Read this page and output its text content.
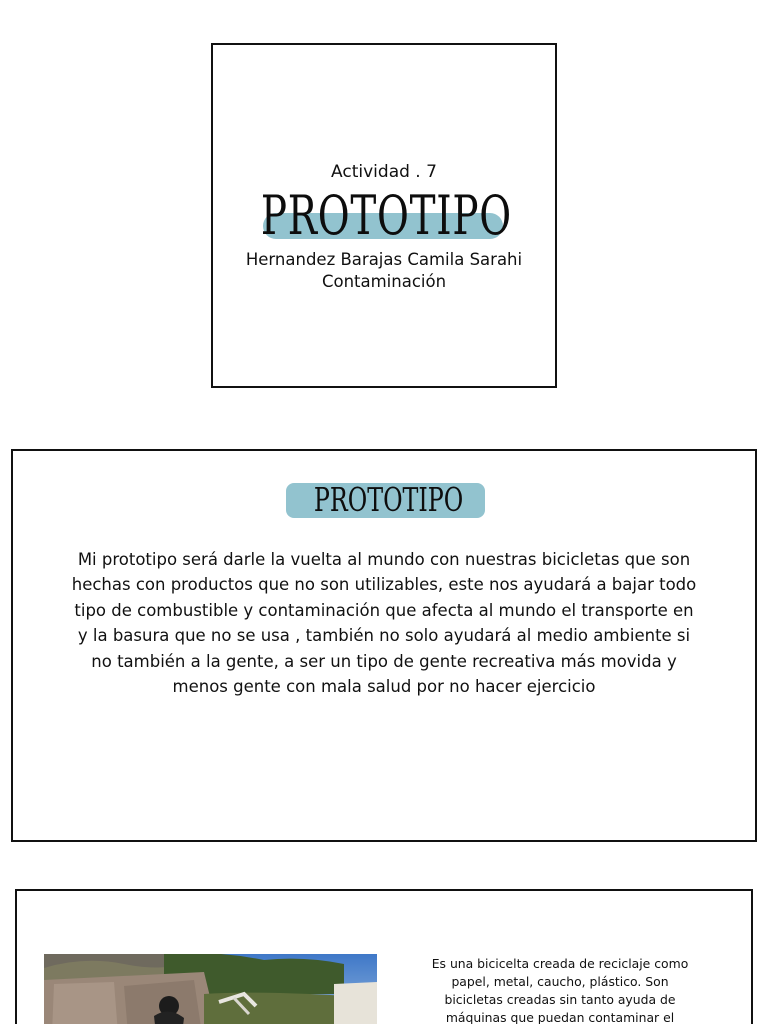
Actividad . 7
PROTOTIPO
Hernandez Barajas Camila Sarahi
Contaminación
PROTOTIPO

Mi prototipo será darle la vuelta al mundo con nuestras bicicletas que son hechas con productos que no son utilizables, este nos ayudará a bajar todo tipo de combustible y contaminación que afecta al mundo el transporte en y la basura que no se usa , también no solo ayudará al medio ambiente si no también a la gente, a ser un tipo de gente recreativa más movida y menos gente con mala salud por no hacer ejercicio

Es una bicicelta creada de reciclaje como papel, metal, caucho, plástico. Son bicicletas creadas sin tanto ayuda de máquinas que puedan contaminar el
